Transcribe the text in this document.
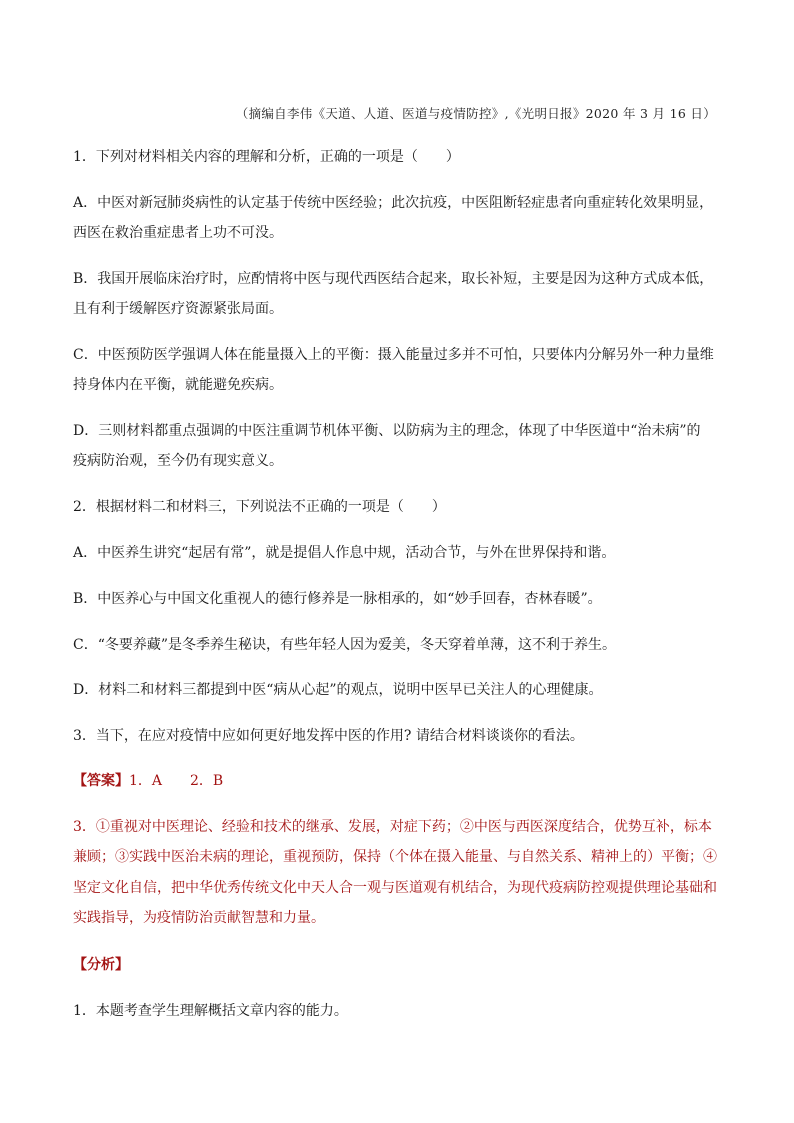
（摘编自李伟《天道、人道、医道与疫情防控》,《光明日报》2020 年 3 月 16 日）

1．下列对材料相关内容的理解和分析，正确的一项是（　　）

A．中医对新冠肺炎病性的认定基于传统中医经验；此次抗疫，中医阻断轻症患者向重症转化效果明显，

西医在救治重症患者上功不可没。

B．我国开展临床治疗时，应酌情将中医与现代西医结合起来，取长补短，主要是因为这种方式成本低，

且有利于缓解医疗资源紧张局面。

C．中医预防医学强调人体在能量摄入上的平衡：摄入能量过多并不可怕，只要体内分解另外一种力量维

持身体内在平衡，就能避免疾病。

D．三则材料都重点强调的中医注重调节机体平衡、以防病为主的理念，体现了中华医道中“治未病”的

疫病防治观，至今仍有现实意义。

2．根据材料二和材料三，下列说法不正确的一项是（　　）

A．中医养生讲究“起居有常”，就是提倡人作息中规，活动合节，与外在世界保持和谐。

B．中医养心与中国文化重视人的德行修养是一脉相承的，如“妙手回春，杏林春暖”。

C．“冬要养藏”是冬季养生秘诀，有些年轻人因为爱美，冬天穿着单薄，这不利于养生。

D．材料二和材料三都提到中医“病从心起”的观点，说明中医早已关注人的心理健康。

3．当下，在应对疫情中应如何更好地发挥中医的作用? 请结合材料谈谈你的看法。

【答案】1．A　　2．B

3．①重视对中医理论、经验和技术的继承、发展，对症下药；②中医与西医深度结合，优势互补，标本

兼顾；③实践中医治未病的理论，重视预防，保持（个体在摄入能量、与自然关系、精神上的）平衡；④

坚定文化自信，把中华优秀传统文化中天人合一观与医道观有机结合，为现代疫病防控观提供理论基础和

实践指导，为疫情防治贡献智慧和力量。

【分析】

1．本题考查学生理解概括文章内容的能力。
